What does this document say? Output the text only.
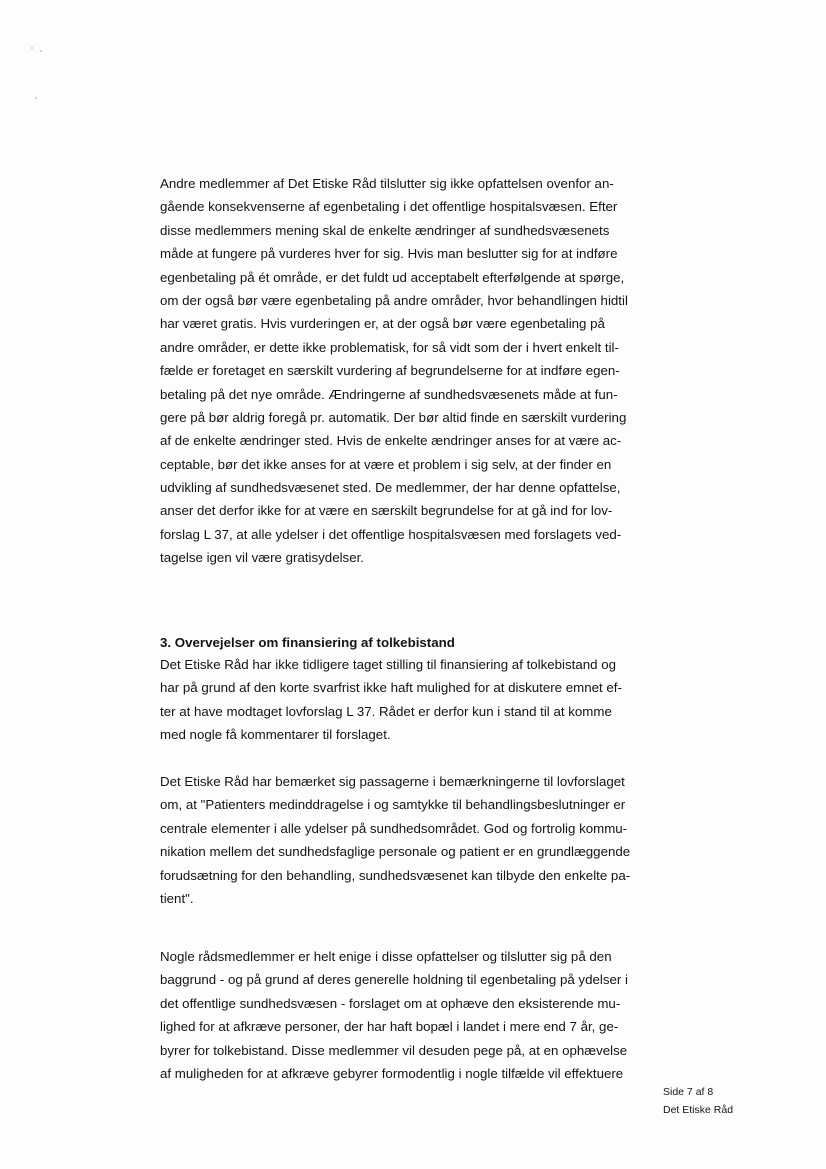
Andre medlemmer af Det Etiske Råd tilslutter sig ikke opfattelsen ovenfor an-
gående konsekvenserne af egenbetaling i det offentlige hospitalsvæsen. Efter
disse medlemmers mening skal de enkelte ændringer af sundhedsvæsenets
måde at fungere på vurderes hver for sig. Hvis man beslutter sig for at indføre
egenbetaling på ét område, er det fuldt ud acceptabelt efterfølgende at spørge,
om der også bør være egenbetaling på andre områder, hvor behandlingen hidtil
har været gratis. Hvis vurderingen er, at der også bør være egenbetaling på
andre områder, er dette ikke problematisk, for så vidt som der i hvert enkelt til-
fælde er foretaget en særskilt vurdering af begrundelserne for at indføre egen-
betaling på det nye område. Ændringerne af sundhedsvæsenets måde at fun-
gere på bør aldrig foregå pr. automatik. Der bør altid finde en særskilt vurdering
af de enkelte ændringer sted. Hvis de enkelte ændringer anses for at være ac-
ceptable, bør det ikke anses for at være et problem i sig selv, at der finder en
udvikling af sundhedsvæsenet sted. De medlemmer, der har denne opfattelse,
anser det derfor ikke for at være en særskilt begrundelse for at gå ind for lov-
forslag L 37, at alle ydelser i det offentlige hospitalsvæsen med forslagets ved-
tagelse igen vil være gratisydelser.
3. Overvejelser om finansiering af tolkebistand
Det Etiske Råd har ikke tidligere taget stilling til finansiering af tolkebistand og
har på grund af den korte svarfrist ikke haft mulighed for at diskutere emnet ef-
ter at have modtaget lovforslag L 37. Rådet er derfor kun i stand til at komme
med nogle få kommentarer til forslaget.
Det Etiske Råd har bemærket sig passagerne i bemærkningerne til lovforslaget
om, at "Patienters medinddragelse i og samtykke til behandlingsbeslutninger er
centrale elementer i alle ydelser på sundhedsområdet. God og fortrolig kommu-
nikation mellem det sundhedsfaglige personale og patient er en grundlæggende
forudsætning for den behandling, sundhedsvæsenet kan tilbyde den enkelte pa-
tient".
Nogle rådsmedlemmer er helt enige i disse opfattelser og tilslutter sig på den
baggrund - og på grund af deres generelle holdning til egenbetaling på ydelser i
det offentlige sundhedsvæsen - forslaget om at ophæve den eksisterende mu-
lighed for at afkræve personer, der har haft bopæl i landet i mere end 7 år, ge-
byrer for tolkebistand. Disse medlemmer vil desuden pege på, at en ophævelse
af muligheden for at afkræve gebyrer formodentlig i nogle tilfælde vil effektuere
Side 7 af 8
Det Etiske Råd
